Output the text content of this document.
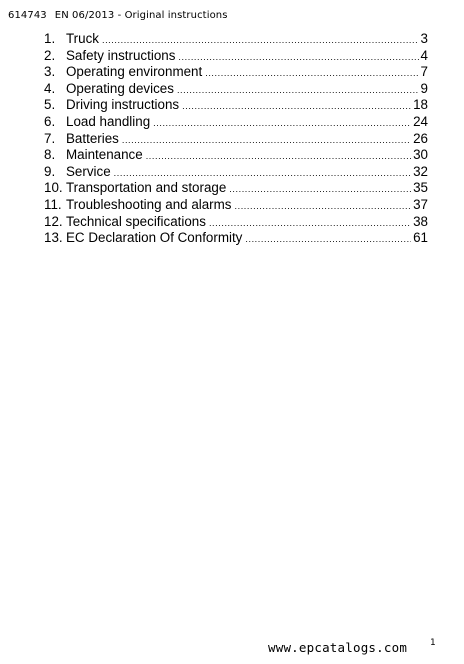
614743 EN 06/2013 - Original instructions
1. Truck .....	3
2. Safety instructions .....	4
3. Operating environment .....	7
4. Operating devices .....	9
5. Driving instructions .....	18
6. Load handling .....	24
7. Batteries .....	26
8. Maintenance .....	30
9. Service .....	32
10. Transportation and storage .....	35
11. Troubleshooting and alarms .....	37
12. Technical specifications .....	38
13. EC Declaration Of Conformity .....	61
www.epcatalogs.com	1
